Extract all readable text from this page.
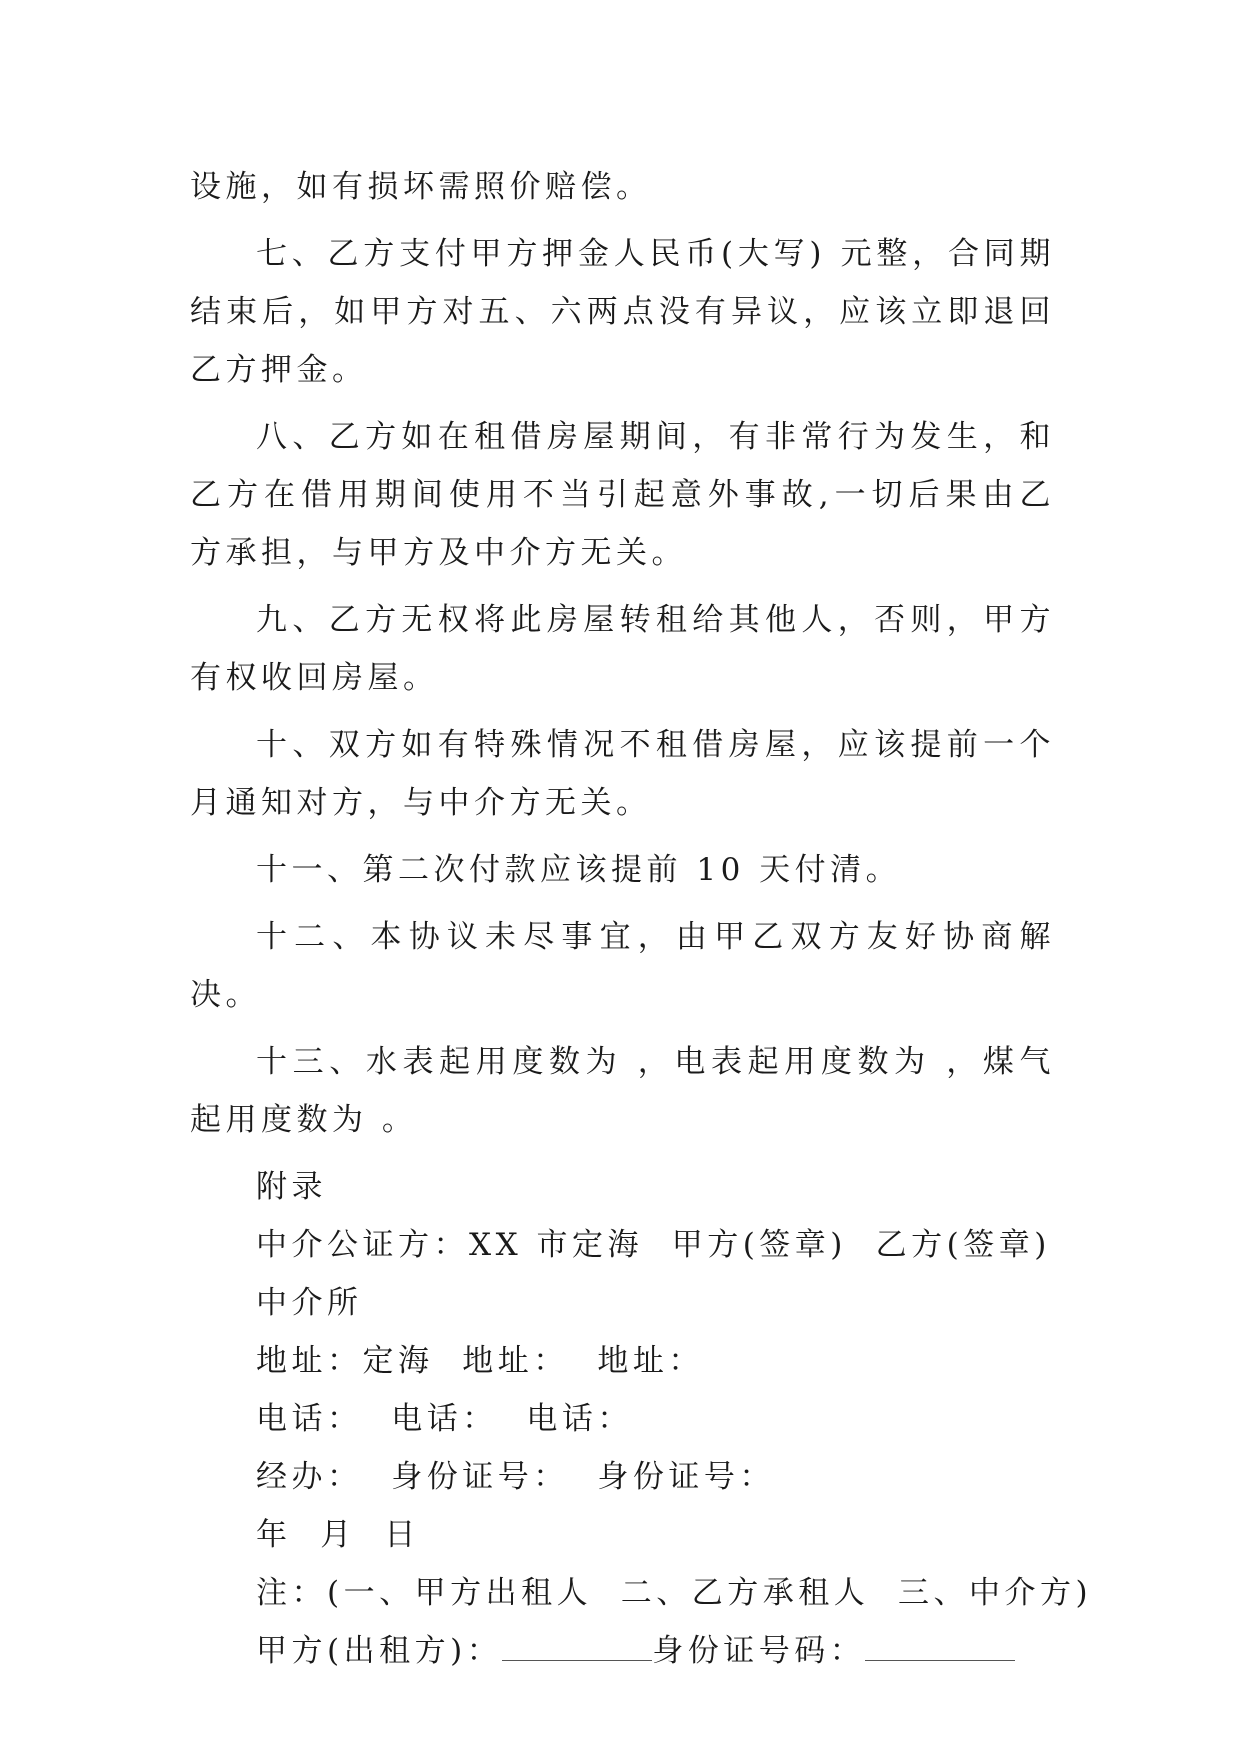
设施，如有损坏需照价赔偿。

七、乙方支付甲方押金人民币(大写) 元整，合同期结束后，如甲方对五、六两点没有异议，应该立即退回乙方押金。

八、乙方如在租借房屋期间，有非常行为发生，和乙方在借用期间使用不当引起意外事故,一切后果由乙方承担，与甲方及中介方无关。

九、乙方无权将此房屋转租给其他人，否则，甲方有权收回房屋。

十、双方如有特殊情况不租借房屋，应该提前一个月通知对方，与中介方无关。

十一、第二次付款应该提前 10 天付清。

十二、本协议未尽事宜，由甲乙双方友好协商解决。

十三、水表起用度数为 ，电表起用度数为 ，煤气起用度数为 。

附录

中介公证方：XX 市定海  甲方(签章)  乙方(签章)

中介所

地址：定海  地址：  地址：

电话：  电话：  电话：

经办：  身份证号：  身份证号：

年  月  日

注：(一、甲方出租人  二、乙方承租人  三、中介方)

甲方(出租方)：	身份证号码：
